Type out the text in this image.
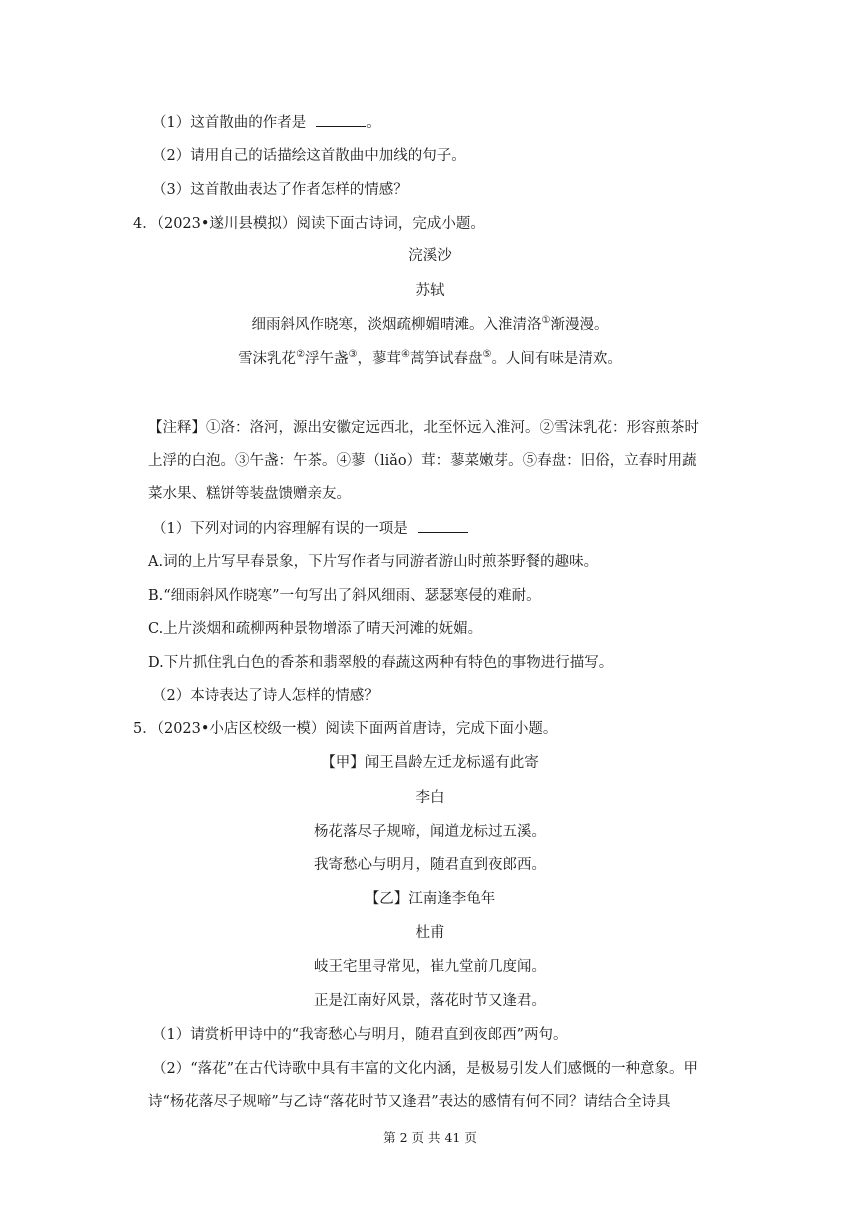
（1）这首散曲的作者是	。
（2）请用自己的话描绘这首散曲中加线的句子。
（3）这首散曲表达了作者怎样的情感？
4．（2023•遂川县模拟）阅读下面古诗词，完成小题。
浣溪沙
苏轼
细雨斜风作晓寒，淡烟疏柳媚晴滩。入淮清洛①渐漫漫。
雪沫乳花②浮午盏③，蓼茸④蒿笋试春盘⑤。人间有味是清欢。
【注释】①洛：洛河，源出安徽定远西北，北至怀远入淮河。②雪沫乳花：形容煎茶时
上浮的白泡。③午盏：午茶。④蓼（liǎo）茸：蓼菜嫩芽。⑤春盘：旧俗，立春时用蔬
菜水果、糕饼等装盘馈赠亲友。
（1）下列对词的内容理解有误的一项是
A.词的上片写早春景象，下片写作者与同游者游山时煎茶野餐的趣味。
B.“细雨斜风作晓寒”一句写出了斜风细雨、瑟瑟寒侵的难耐。
C.上片淡烟和疏柳两种景物增添了晴天河滩的妩媚。
D.下片抓住乳白色的香茶和翡翠般的春蔬这两种有特色的事物进行描写。
（2）本诗表达了诗人怎样的情感？
5．（2023•小店区校级一模）阅读下面两首唐诗，完成下面小题。
【甲】闻王昌龄左迁龙标遥有此寄
李白
杨花落尽子规啼，闻道龙标过五溪。
我寄愁心与明月，随君直到夜郎西。
【乙】江南逢李龟年
杜甫
岐王宅里寻常见，崔九堂前几度闻。
正是江南好风景，落花时节又逢君。
（1）请赏析甲诗中的“我寄愁心与明月，随君直到夜郎西”两句。
（2）“落花”在古代诗歌中具有丰富的文化内涵，是极易引发人们感慨的一种意象。甲
诗“杨花落尽子规啼”与乙诗“落花时节又逢君”表达的感情有何不同？请结合全诗具
第 2 页 共 41 页
